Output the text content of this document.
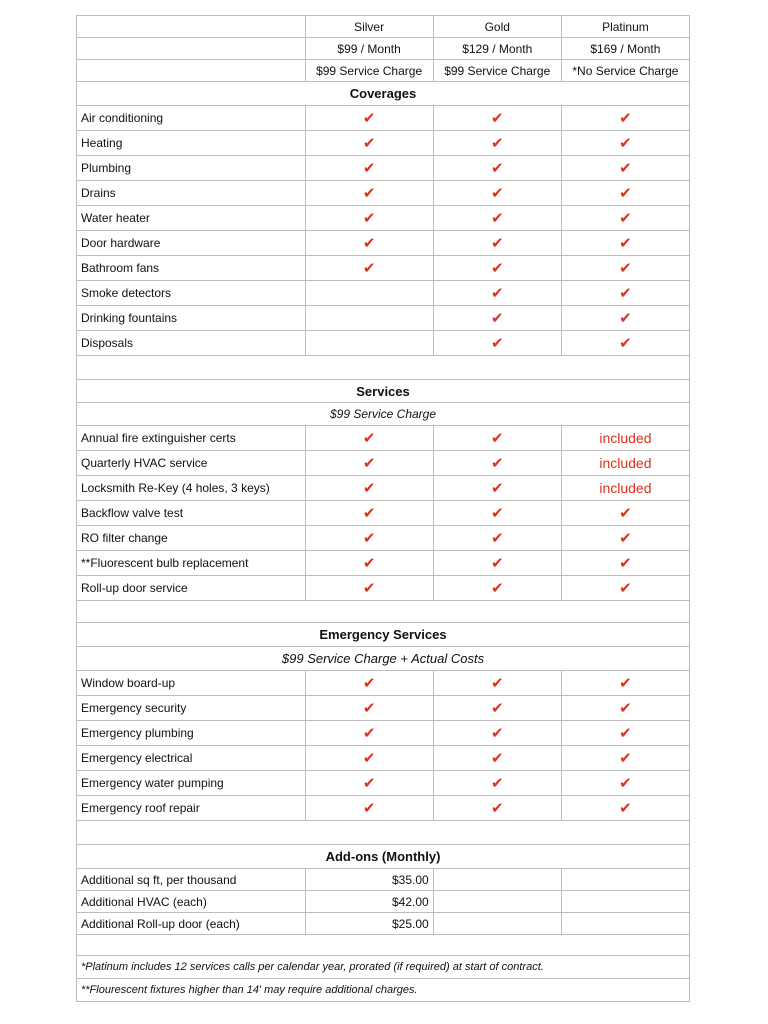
	Silver	Gold	Platinum
	$99 / Month	$129 / Month	$169 / Month
	$99 Service Charge	$99 Service Charge	*No Service Charge
Coverages			
Air conditioning	✔	✔	✔
Heating	✔	✔	✔
Plumbing	✔	✔	✔
Drains	✔	✔	✔
Water heater	✔	✔	✔
Door hardware	✔	✔	✔
Bathroom fans	✔	✔	✔
Smoke detectors		✔	✔
Drinking fountains		✔	✔
Disposals		✔	✔

Services			
$99 Service Charge			
Annual fire extinguisher certs	✔	✔	included
Quarterly HVAC service	✔	✔	included
Locksmith Re-Key (4 holes, 3 keys)	✔	✔	included
Backflow valve test	✔	✔	✔
RO filter change	✔	✔	✔
**Fluorescent bulb replacement	✔	✔	✔
Roll-up door service	✔	✔	✔

Emergency Services			
$99 Service Charge + Actual Costs			
Window board-up	✔	✔	✔
Emergency security	✔	✔	✔
Emergency plumbing	✔	✔	✔
Emergency electrical	✔	✔	✔
Emergency water pumping	✔	✔	✔
Emergency roof repair	✔	✔	✔

Add-ons (Monthly)			
Additional sq ft, per thousand	$35.00		
Additional HVAC (each)	$42.00		
Additional Roll-up door (each)	$25.00		

*Platinum includes 12 services calls per calendar year, prorated (if required) at start of contract.			
**Flourescent fixtures higher than 14' may require additional charges.			
